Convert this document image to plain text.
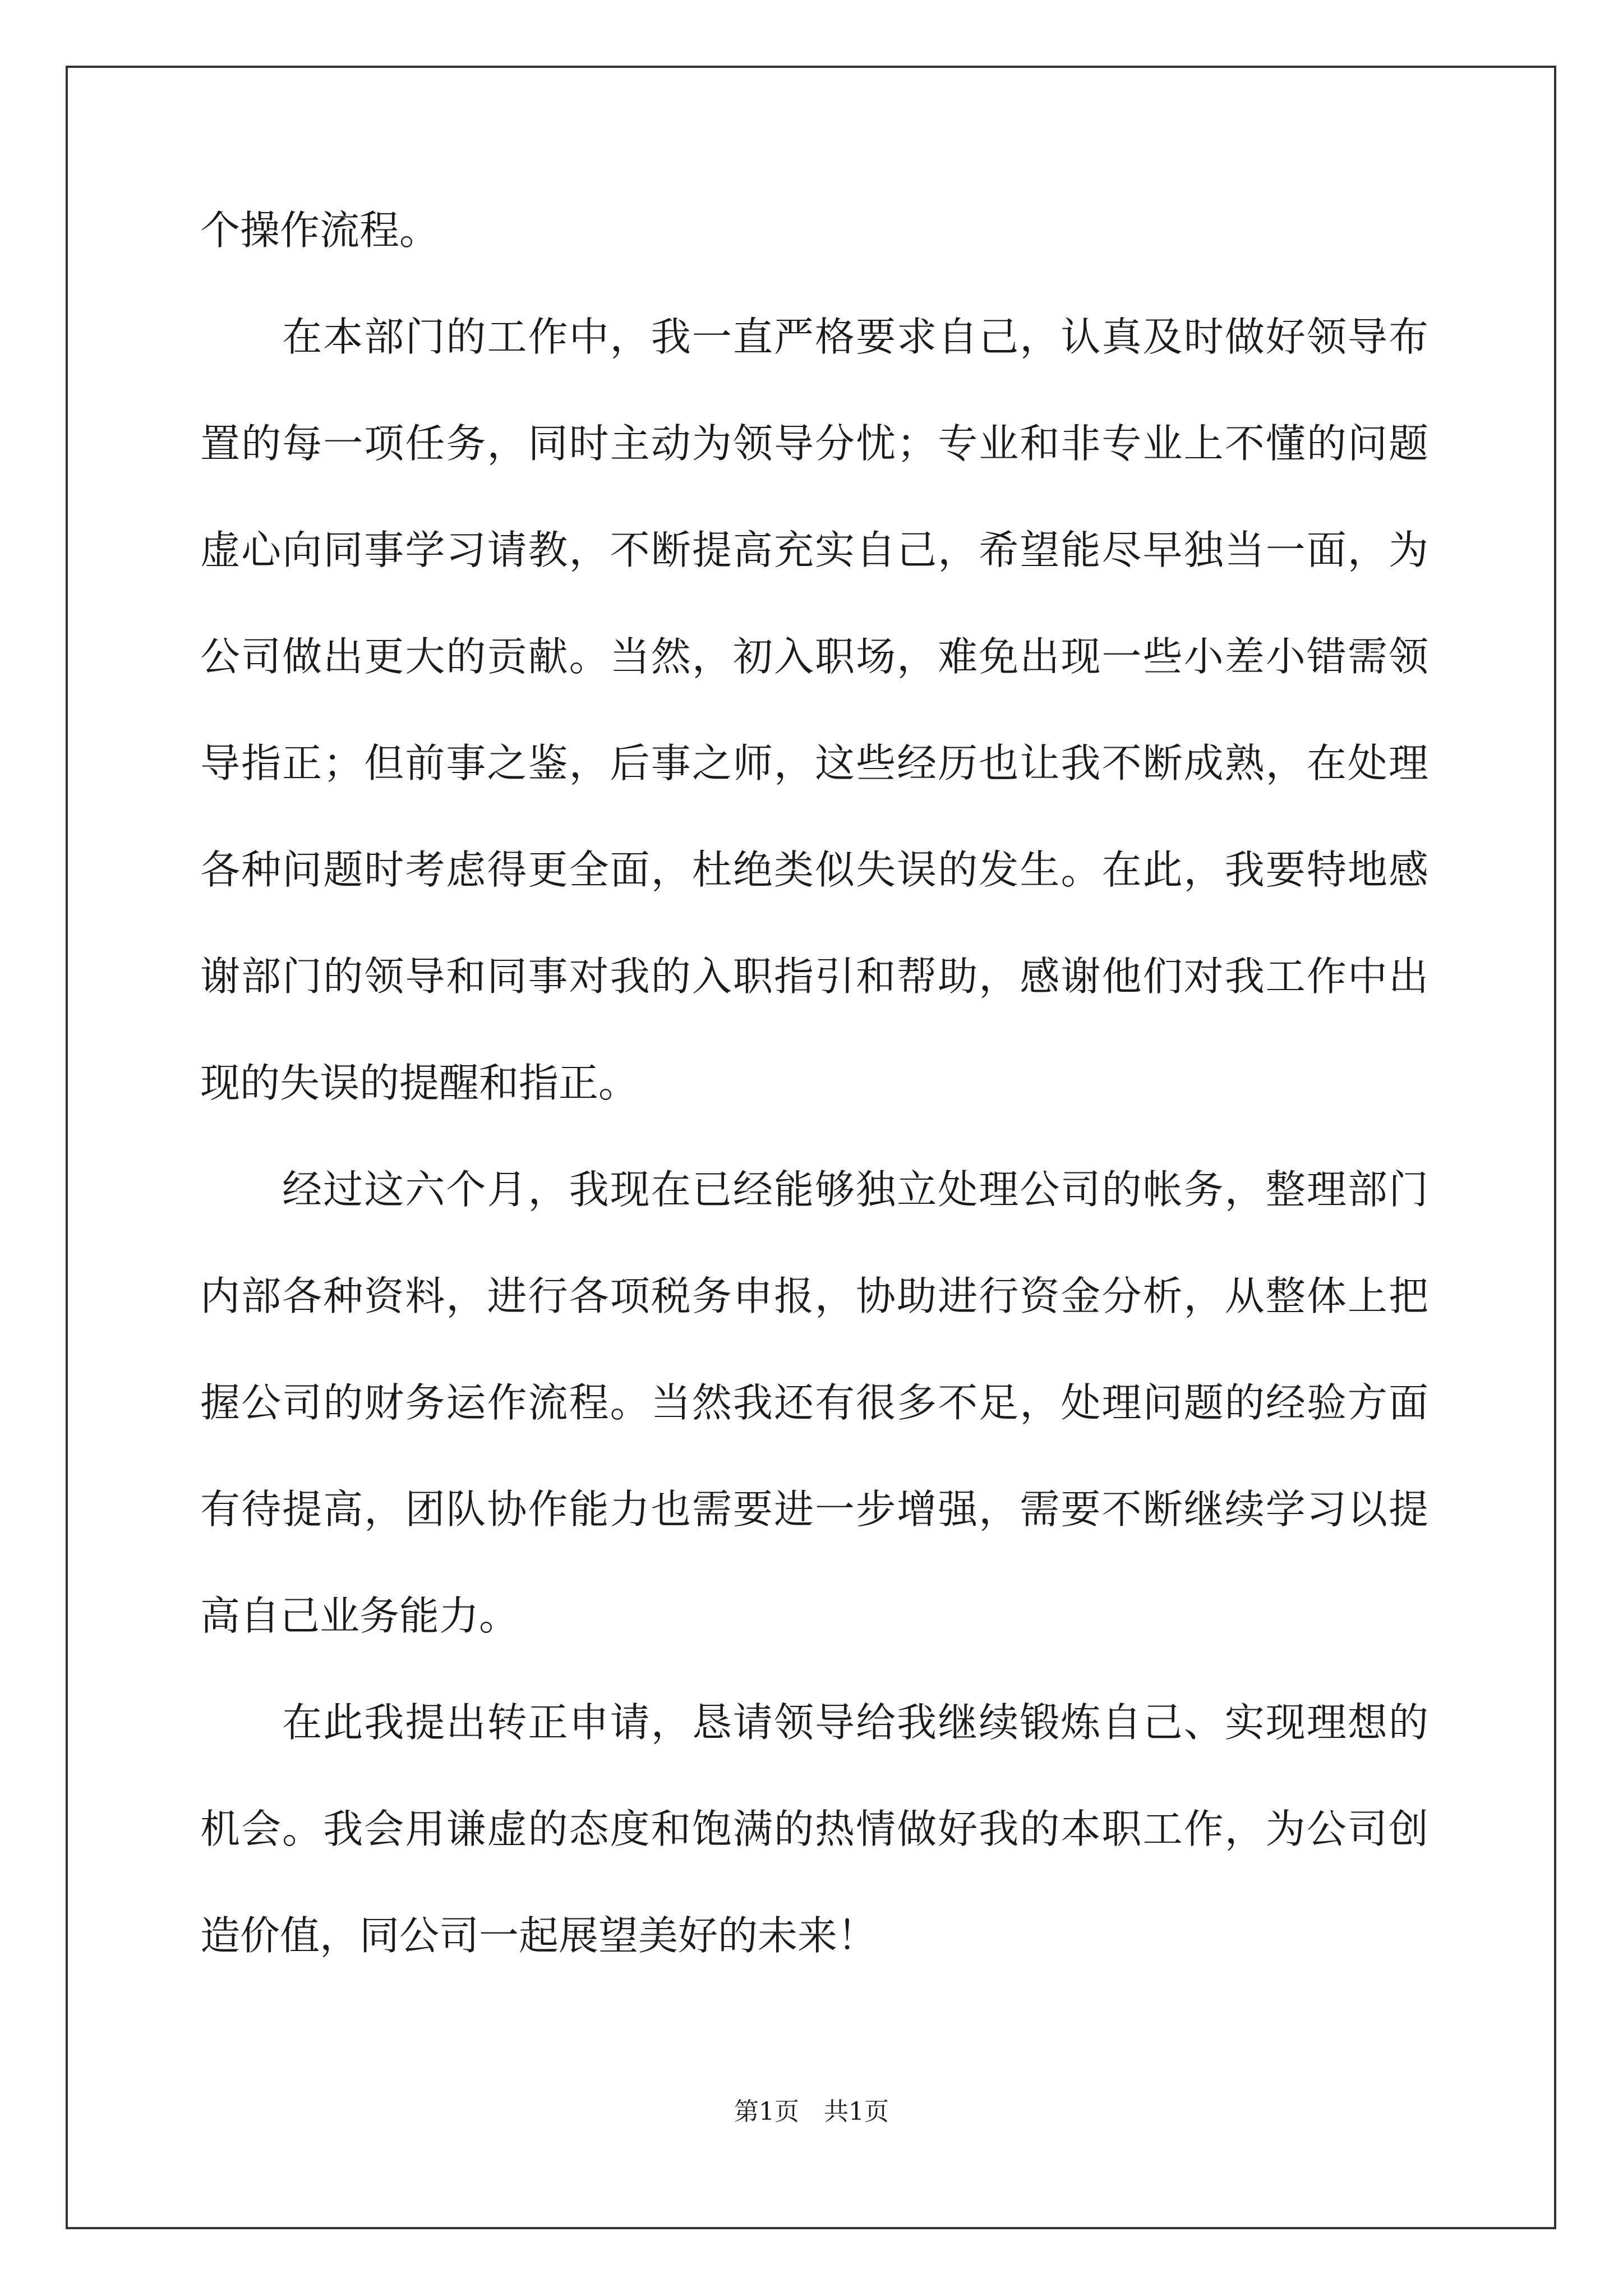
个操作流程。
　　在本部门的工作中，我一直严格要求自己，认真及时做好领导布
置的每一项任务，同时主动为领导分忧；专业和非专业上不懂的问题
虚心向同事学习请教，不断提高充实自己，希望能尽早独当一面，为
公司做出更大的贡献。当然，初入职场，难免出现一些小差小错需领
导指正；但前事之鉴，后事之师，这些经历也让我不断成熟，在处理
各种问题时考虑得更全面，杜绝类似失误的发生。在此，我要特地感
谢部门的领导和同事对我的入职指引和帮助，感谢他们对我工作中出
现的失误的提醒和指正。
　　经过这六个月，我现在已经能够独立处理公司的帐务，整理部门
内部各种资料，进行各项税务申报，协助进行资金分析，从整体上把
握公司的财务运作流程。当然我还有很多不足，处理问题的经验方面
有待提高，团队协作能力也需要进一步增强，需要不断继续学习以提
高自己业务能力。
　　在此我提出转正申请，恳请领导给我继续锻炼自己、实现理想的
机会。我会用谦虚的态度和饱满的热情做好我的本职工作，为公司创
造价值，同公司一起展望美好的未来！
第1页　共1页
